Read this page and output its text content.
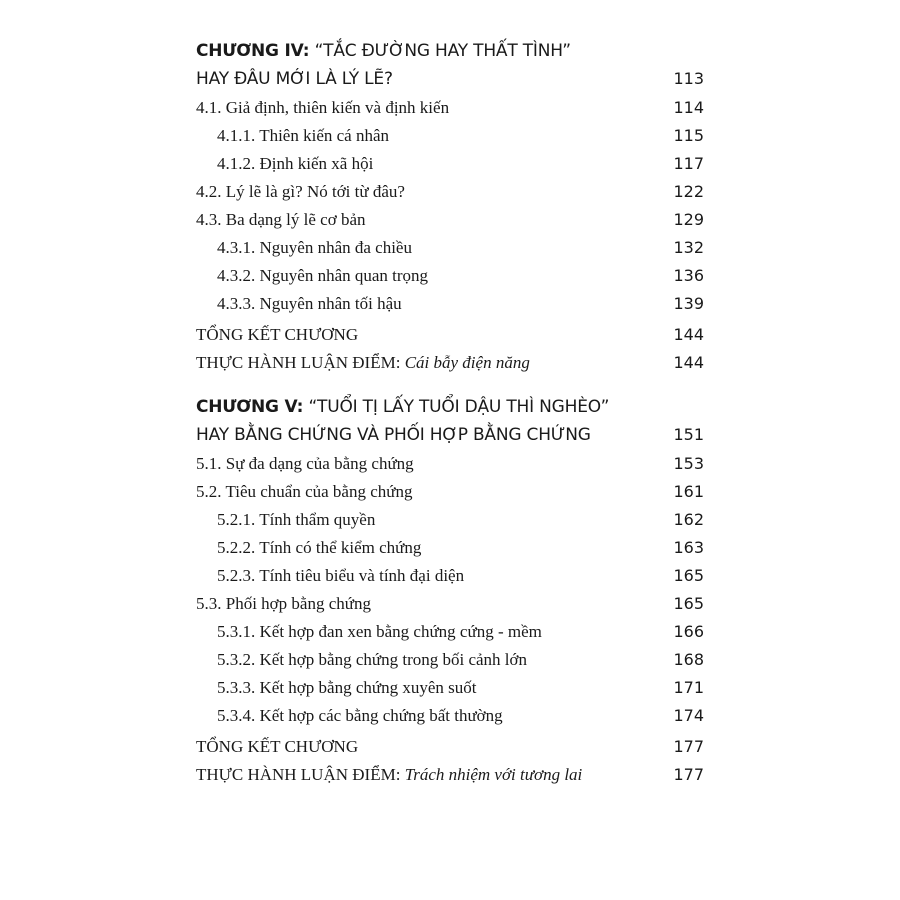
CHƯƠNG IV: “TẮC ĐƯỜNG HAY THẤT TÌNH”
HAY ĐÂU MỚI LÀ LÝ LẼ?	113
4.1. Giả định, thiên kiến và định kiến	114
4.1.1. Thiên kiến cá nhân	115
4.1.2. Định kiến xã hội	117
4.2. Lý lẽ là gì? Nó tới từ đâu?	122
4.3. Ba dạng lý lẽ cơ bản	129
4.3.1. Nguyên nhân đa chiều	132
4.3.2. Nguyên nhân quan trọng	136
4.3.3. Nguyên nhân tối hậu	139
TỔNG KẾT CHƯƠNG	144
THỰC HÀNH LUẬN ĐIỂM: Cái bẫy điện năng	144
CHƯƠNG V: “TUỔI TỊ LẤY TUỔI DẬU THÌ NGHÈO”
HAY BẰNG CHỨNG VÀ PHỐI HỢP BẰNG CHỨNG	151
5.1. Sự đa dạng của bằng chứng	153
5.2. Tiêu chuẩn của bằng chứng	161
5.2.1. Tính thẩm quyền	162
5.2.2. Tính có thể kiểm chứng	163
5.2.3. Tính tiêu biểu và tính đại diện	165
5.3. Phối hợp bằng chứng	165
5.3.1. Kết hợp đan xen bằng chứng cứng - mềm	166
5.3.2. Kết hợp bằng chứng trong bối cảnh lớn	168
5.3.3. Kết hợp bằng chứng xuyên suốt	171
5.3.4. Kết hợp các bằng chứng bất thường	174
TỔNG KẾT CHƯƠNG	177
THỰC HÀNH LUẬN ĐIỂM: Trách nhiệm với tương lai	177
